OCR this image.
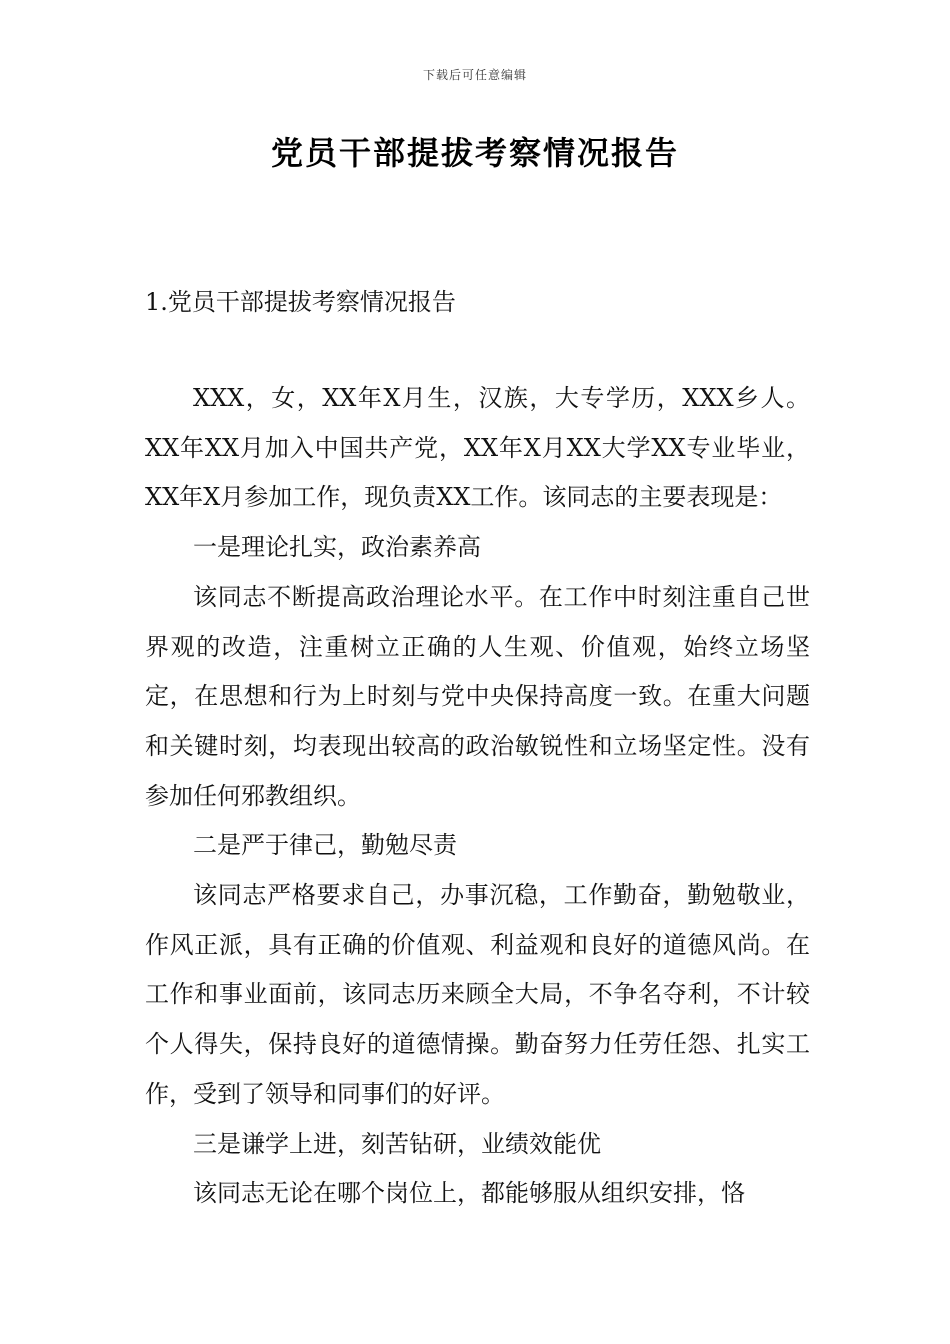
下载后可任意编辑
党员干部提拔考察情况报告
1.党员干部提拔考察情况报告

XXX，女，XX年X月生，汉族，大专学历，XXX乡人。XX年XX月加入中国共产党，XX年X月XX大学XX专业毕业，XX年X月参加工作，现负责XX工作。该同志的主要表现是：

一是理论扎实，政治素养高

该同志不断提高政治理论水平。在工作中时刻注重自己世界观的改造，注重树立正确的人生观、价值观，始终立场坚定，在思想和行为上时刻与党中央保持高度一致。在重大问题和关键时刻，均表现出较高的政治敏锐性和立场坚定性。没有参加任何邪教组织。

二是严于律己，勤勉尽责

该同志严格要求自己，办事沉稳，工作勤奋，勤勉敬业，作风正派，具有正确的价值观、利益观和良好的道德风尚。在工作和事业面前，该同志历来顾全大局，不争名夺利，不计较个人得失，保持良好的道德情操。勤奋努力任劳任怨、扎实工作，受到了领导和同事们的好评。

三是谦学上进，刻苦钻研，业绩效能优

该同志无论在哪个岗位上，都能够服从组织安排，恪
